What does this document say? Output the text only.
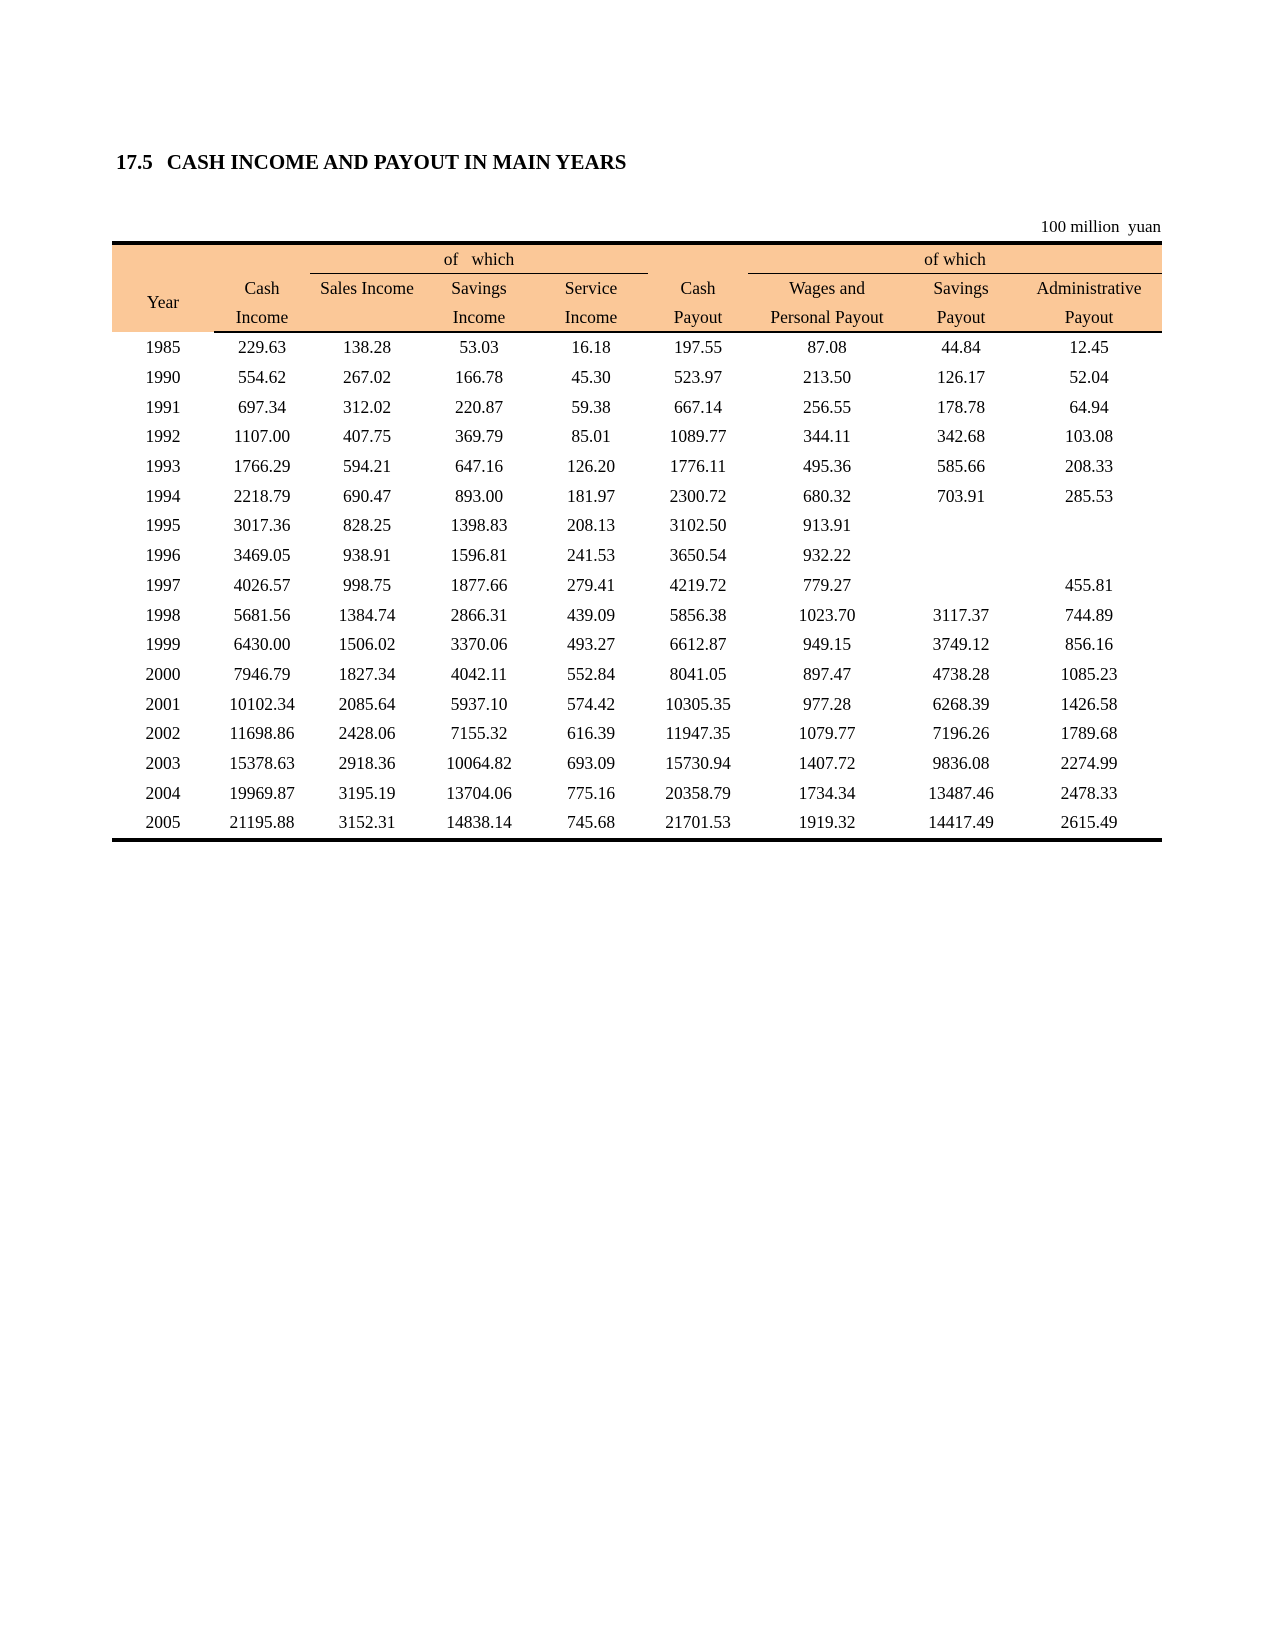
17.5 CASH INCOME AND PAYOUT IN MAIN YEARS
100 million  yuan
		of   which				of which		

Year	Cash	Sales Income	Savings	Service	Cash	Wages and	Savings	Administrative
	Income		Income	Income	Payout	Personal Payout	Payout	Payout
1985	229.63	138.28	53.03	16.18	197.55	87.08	44.84	12.45
1990	554.62	267.02	166.78	45.30	523.97	213.50	126.17	52.04
1991	697.34	312.02	220.87	59.38	667.14	256.55	178.78	64.94
1992	1107.00	407.75	369.79	85.01	1089.77	344.11	342.68	103.08
1993	1766.29	594.21	647.16	126.20	1776.11	495.36	585.66	208.33
1994	2218.79	690.47	893.00	181.97	2300.72	680.32	703.91	285.53
1995	3017.36	828.25	1398.83	208.13	3102.50	913.91		
1996	3469.05	938.91	1596.81	241.53	3650.54	932.22		
1997	4026.57	998.75	1877.66	279.41	4219.72	779.27		455.81
1998	5681.56	1384.74	2866.31	439.09	5856.38	1023.70	3117.37	744.89
1999	6430.00	1506.02	3370.06	493.27	6612.87	949.15	3749.12	856.16
2000	7946.79	1827.34	4042.11	552.84	8041.05	897.47	4738.28	1085.23
2001	10102.34	2085.64	5937.10	574.42	10305.35	977.28	6268.39	1426.58
2002	11698.86	2428.06	7155.32	616.39	11947.35	1079.77	7196.26	1789.68
2003	15378.63	2918.36	10064.82	693.09	15730.94	1407.72	9836.08	2274.99
2004	19969.87	3195.19	13704.06	775.16	20358.79	1734.34	13487.46	2478.33
2005	21195.88	3152.31	14838.14	745.68	21701.53	1919.32	14417.49	2615.49
